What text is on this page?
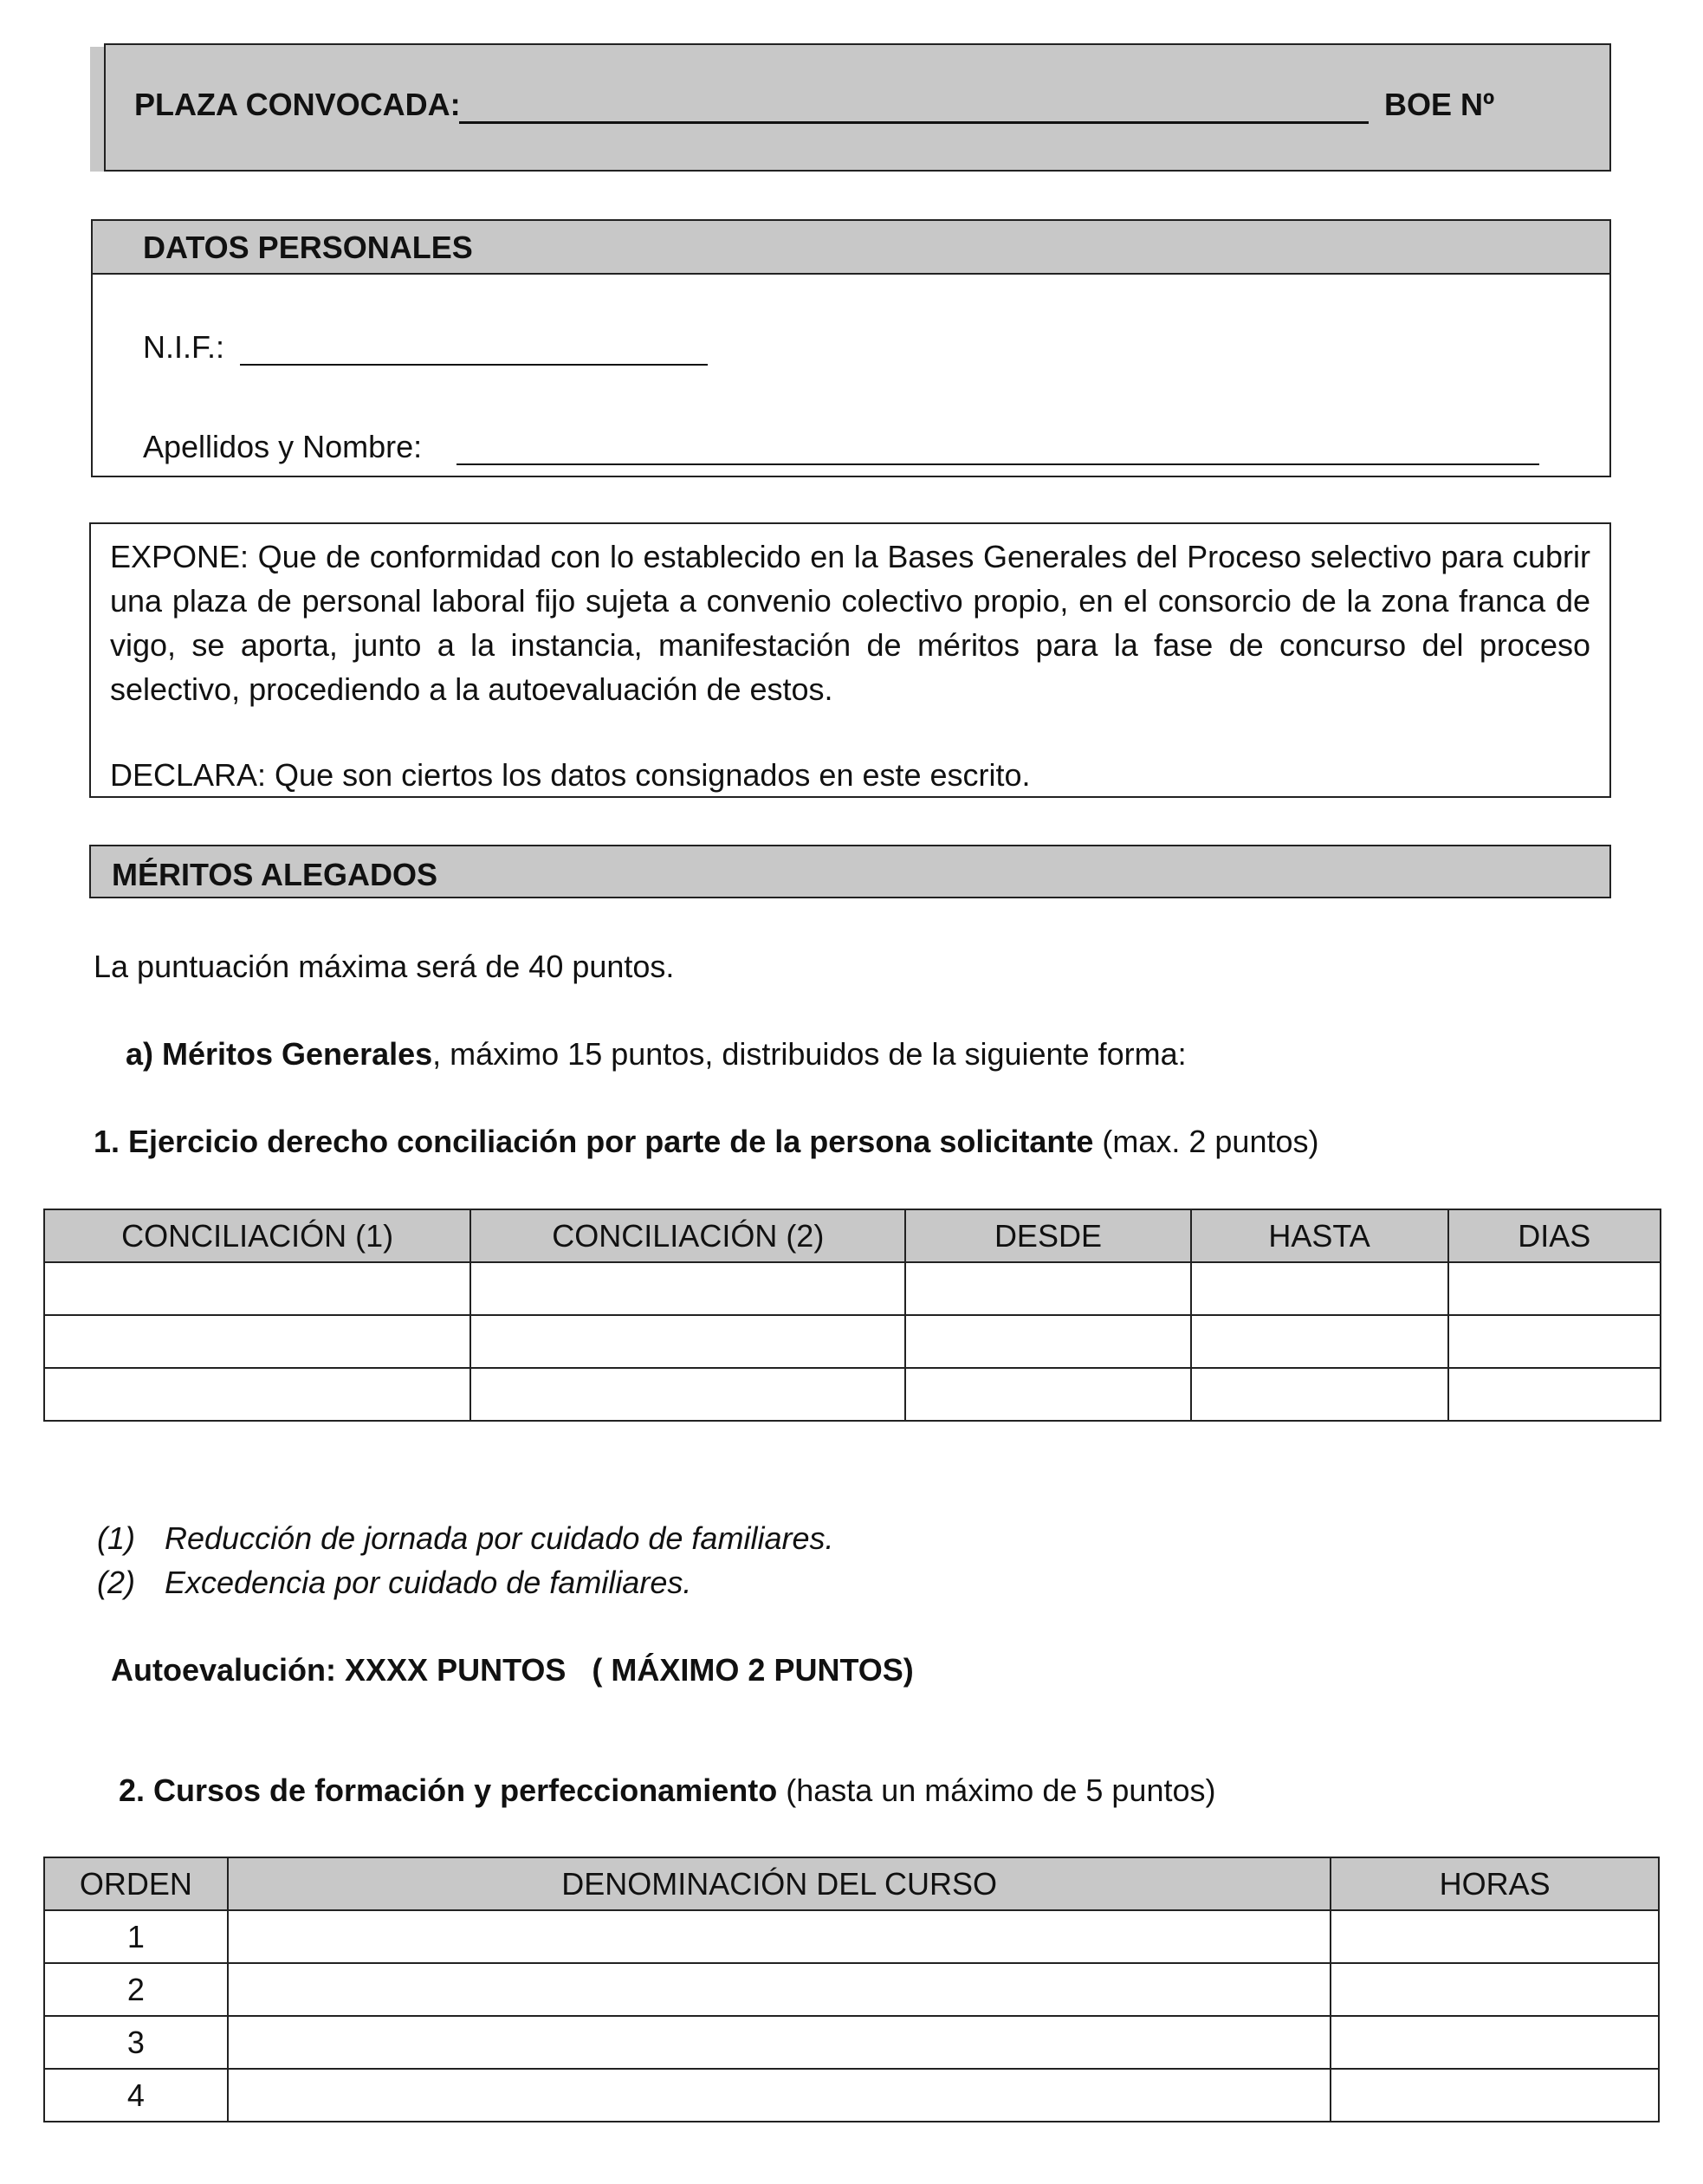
PLAZA CONVOCADA:	BOE Nº
DATOS PERSONALES
N.I.F.:
Apellidos y Nombre:

EXPONE: Que de conformidad con lo establecido en la Bases Generales del Proceso selectivo para cubrir una plaza de personal laboral fijo sujeta a convenio colectivo propio, en el consorcio de la zona franca de vigo, se aporta, junto a la instancia, manifestación de méritos para la fase de concurso del proceso selectivo, procediendo a la autoevaluación de estos.

DECLARA: Que son ciertos los datos consignados en este escrito.

MÉRITOS ALEGADOS
La puntuación máxima será de 40 puntos.
a) Méritos Generales, máximo 15 puntos, distribuidos de la siguiente forma:
1. Ejercicio derecho conciliación por parte de la persona solicitante (max. 2 puntos)
CONCILIACIÓN (1)	CONCILIACIÓN (2)	DESDE	HASTA	DIAS

(1) Reducción de jornada por cuidado de familiares.
(2) Excedencia por cuidado de familiares.
Autoevalución: XXXX PUNTOS   ( MÁXIMO 2 PUNTOS)
2. Cursos de formación y perfeccionamiento (hasta un máximo de 5 puntos)
ORDEN	DENOMINACIÓN DEL CURSO	HORAS
1		
2		
3		
4		
